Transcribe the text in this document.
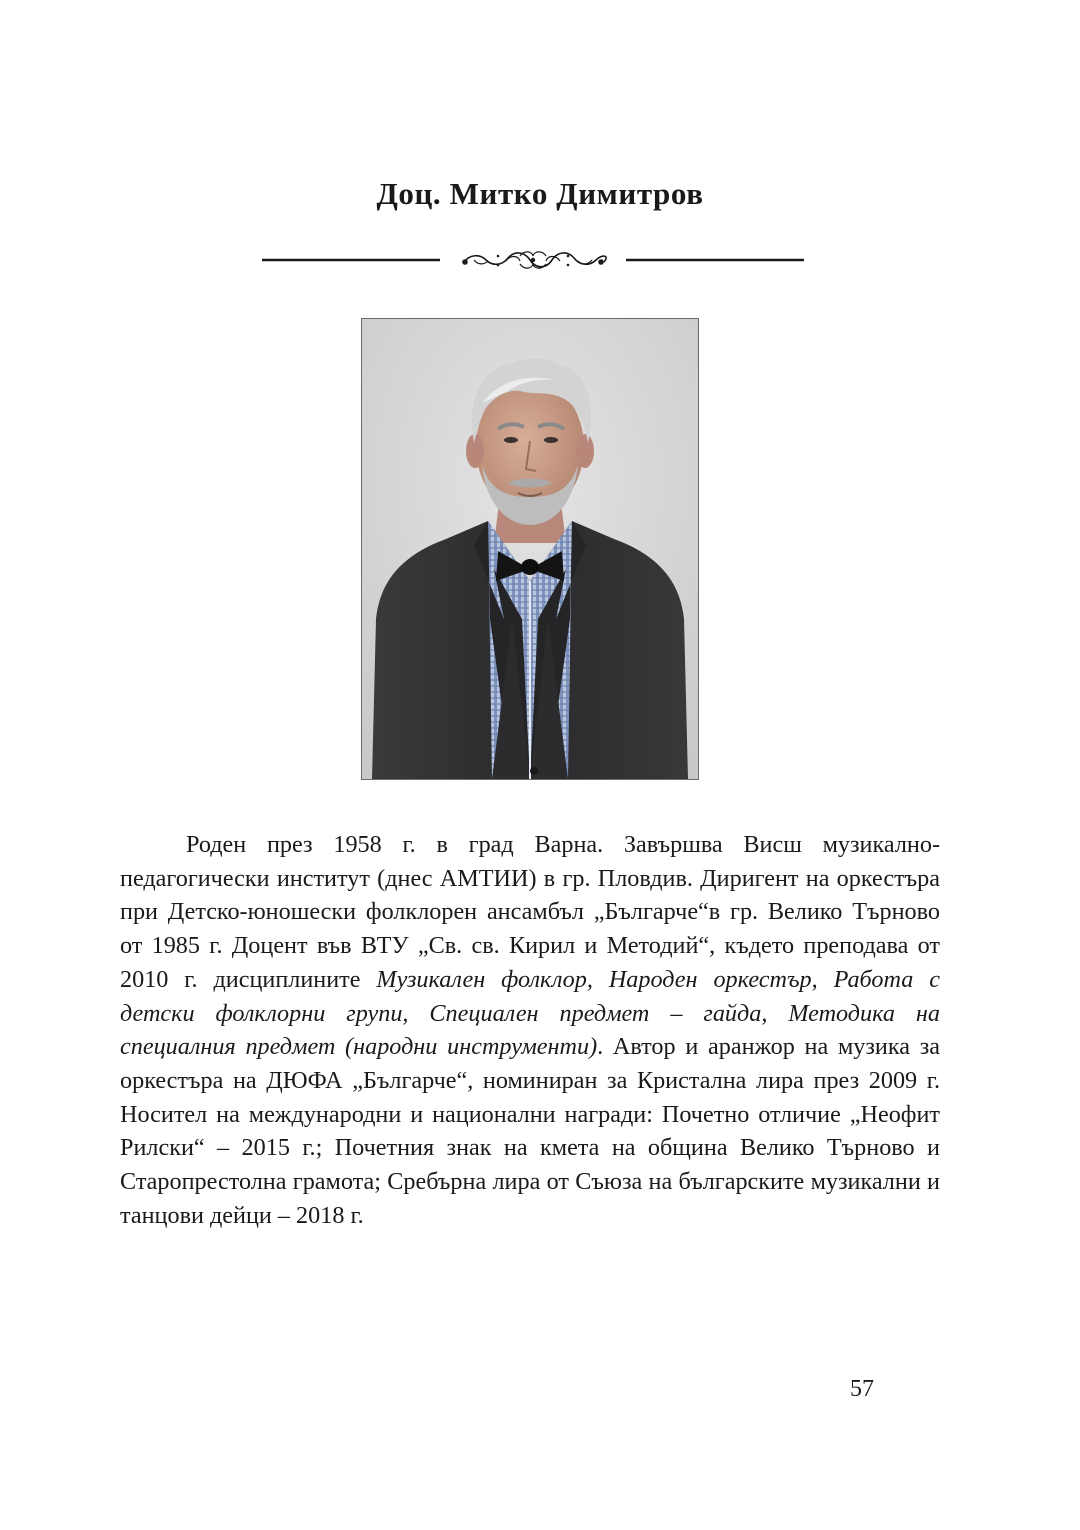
Доц. Митко Димитров

Роден през 1958 г. в град Варна. Завършва Висш музикално-педагогически институт (днес АМТИИ) в гр. Пловдив. Диригент на оркестъра при Детско-юношески фолклорен ансамбъл „Българче“в гр. Велико Търново от 1985 г. Доцент във ВТУ „Св. св. Кирил и Методий“, където преподава от 2010 г. дисциплините Музикален фолклор, Народен оркестър, Работа с детски фолклорни групи, Специален предмет – гайда, Методика на специалния предмет (народни инструменти). Автор и аранжор на музика за оркестъра на ДЮФА „Българче“, номиниран за Кристална лира през 2009 г. Носител на международни и национални награди: Почетно отличие „Неофит Рилски“ – 2015 г.; Почетния знак на кмета на община Велико Търново и Старопрестолна грамота; Сребърна лира от Съюза на българските музикални и танцови дейци – 2018 г.

57
